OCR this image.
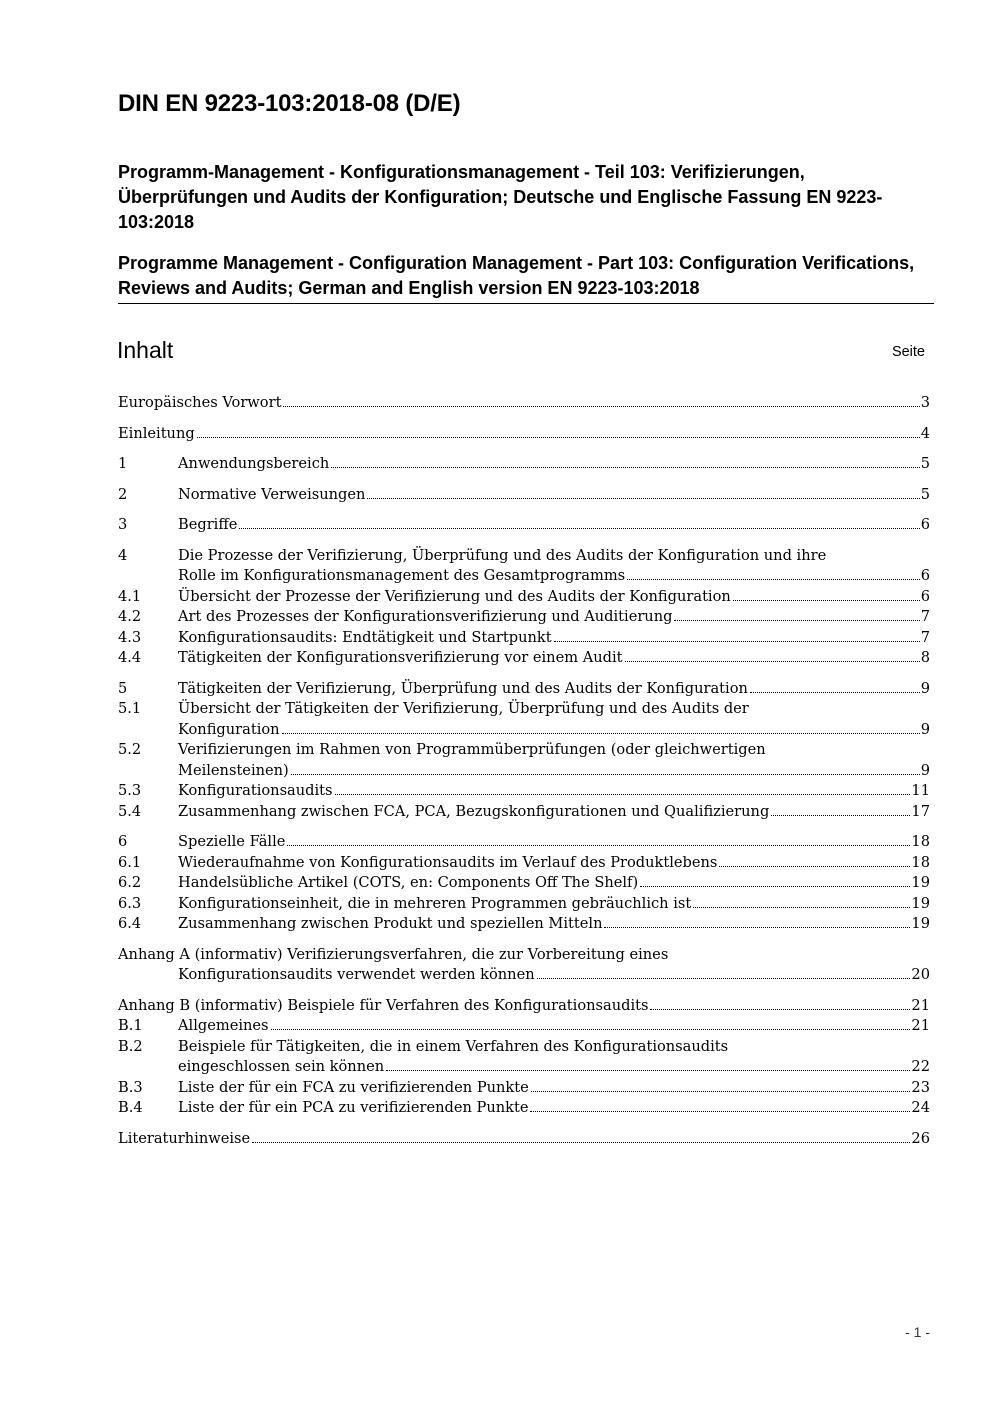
DIN EN 9223-103:2018-08 (D/E)
Programm-Management - Konfigurationsmanagement - Teil 103: Verifizierungen, Überprüfungen und Audits der Konfiguration; Deutsche und Englische Fassung EN 9223-103:2018
Programme Management - Configuration Management - Part 103: Configuration Verifications, Reviews and Audits; German and English version EN 9223-103:2018
Inhalt	Seite
Europäisches Vorwort	3
Einleitung	4
1	Anwendungsbereich	5
2	Normative Verweisungen	5
3	Begriffe	6
4	Die Prozesse der Verifizierung, Überprüfung und des Audits der Konfiguration und ihre
Rolle im Konfigurationsmanagement des Gesamtprogramms	6
4.1	Übersicht der Prozesse der Verifizierung und des Audits der Konfiguration	6
4.2	Art des Prozesses der Konfigurationsverifizierung und Auditierung	7
4.3	Konfigurationsaudits: Endtätigkeit und Startpunkt	7
4.4	Tätigkeiten der Konfigurationsverifizierung vor einem Audit	8
5	Tätigkeiten der Verifizierung, Überprüfung und des Audits der Konfiguration	9
5.1	Übersicht der Tätigkeiten der Verifizierung, Überprüfung und des Audits der
Konfiguration	9
5.2	Verifizierungen im Rahmen von Programmüberprüfungen (oder gleichwertigen
Meilensteinen)	9
5.3	Konfigurationsaudits	11
5.4	Zusammenhang zwischen FCA, PCA, Bezugskonfigurationen und Qualifizierung	17
6	Spezielle Fälle	18
6.1	Wiederaufnahme von Konfigurationsaudits im Verlauf des Produktlebens	18
6.2	Handelsübliche Artikel (COTS, en: Components Off The Shelf)	19
6.3	Konfigurationseinheit, die in mehreren Programmen gebräuchlich ist	19
6.4	Zusammenhang zwischen Produkt und speziellen Mitteln	19
Anhang A (informativ) Verifizierungsverfahren, die zur Vorbereitung eines
Konfigurationsaudits verwendet werden können	20
Anhang B (informativ) Beispiele für Verfahren des Konfigurationsaudits	21
B.1 Allgemeines	21
B.2 Beispiele für Tätigkeiten, die in einem Verfahren des Konfigurationsaudits
eingeschlossen sein können	22
B.3 Liste der für ein FCA zu verifizierenden Punkte	23
B.4 Liste der für ein PCA zu verifizierenden Punkte	24
Literaturhinweise	26
- 1 -
